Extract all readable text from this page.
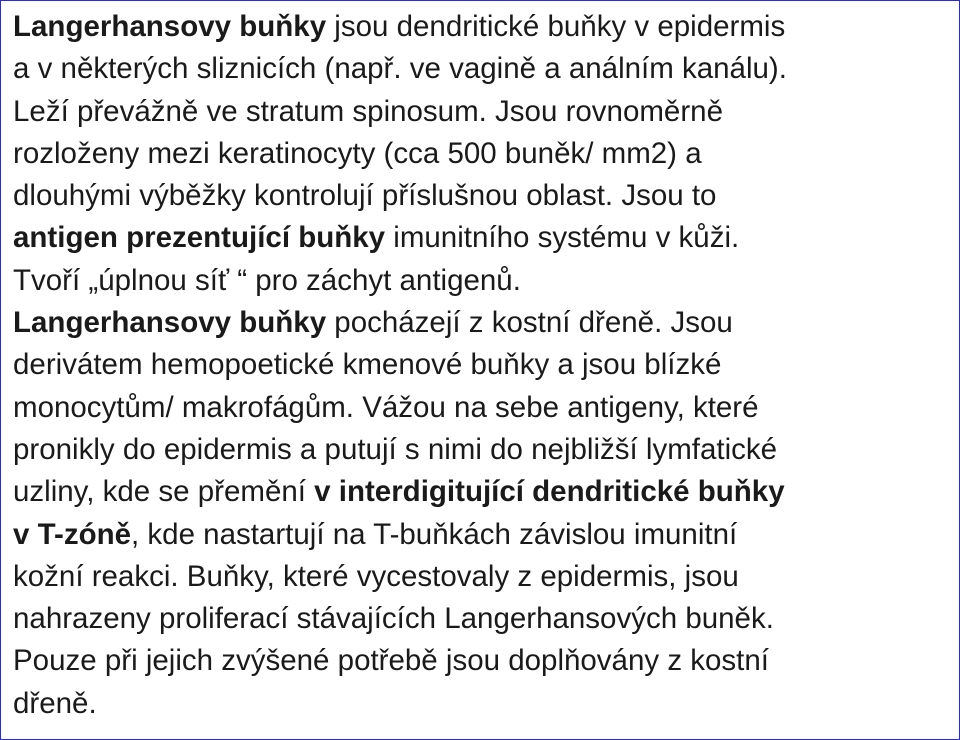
Langerhansovy buňky jsou dendritické buňky v epidermis
a v některých sliznicích (např. ve vagině a análním kanálu).
Leží převážně ve stratum spinosum. Jsou rovnoměrně
rozloženy mezi keratinocyty (cca 500 buněk/ mm2) a
dlouhými výběžky kontrolují příslušnou oblast. Jsou to
antigen prezentující buňky imunitního systému v kůži.
Tvoří „úplnou síť “ pro záchyt antigenů.
Langerhansovy buňky pocházejí z kostní dřeně. Jsou
derivátem hemopoetické kmenové buňky a jsou blízké
monocytům/ makrofágům. Vážou na sebe antigeny, které
pronikly do epidermis a putují s nimi do nejbližší lymfatické
uzliny, kde se přemění v interdigitující dendritické buňky
v T-zóně, kde nastartují na T-buňkách závislou imunitní
kožní reakci. Buňky, které vycestovaly z epidermis, jsou
nahrazeny proliferací stávajících Langerhansových buněk.
Pouze při jejich zvýšené potřebě jsou doplňovány z kostní
dřeně.
